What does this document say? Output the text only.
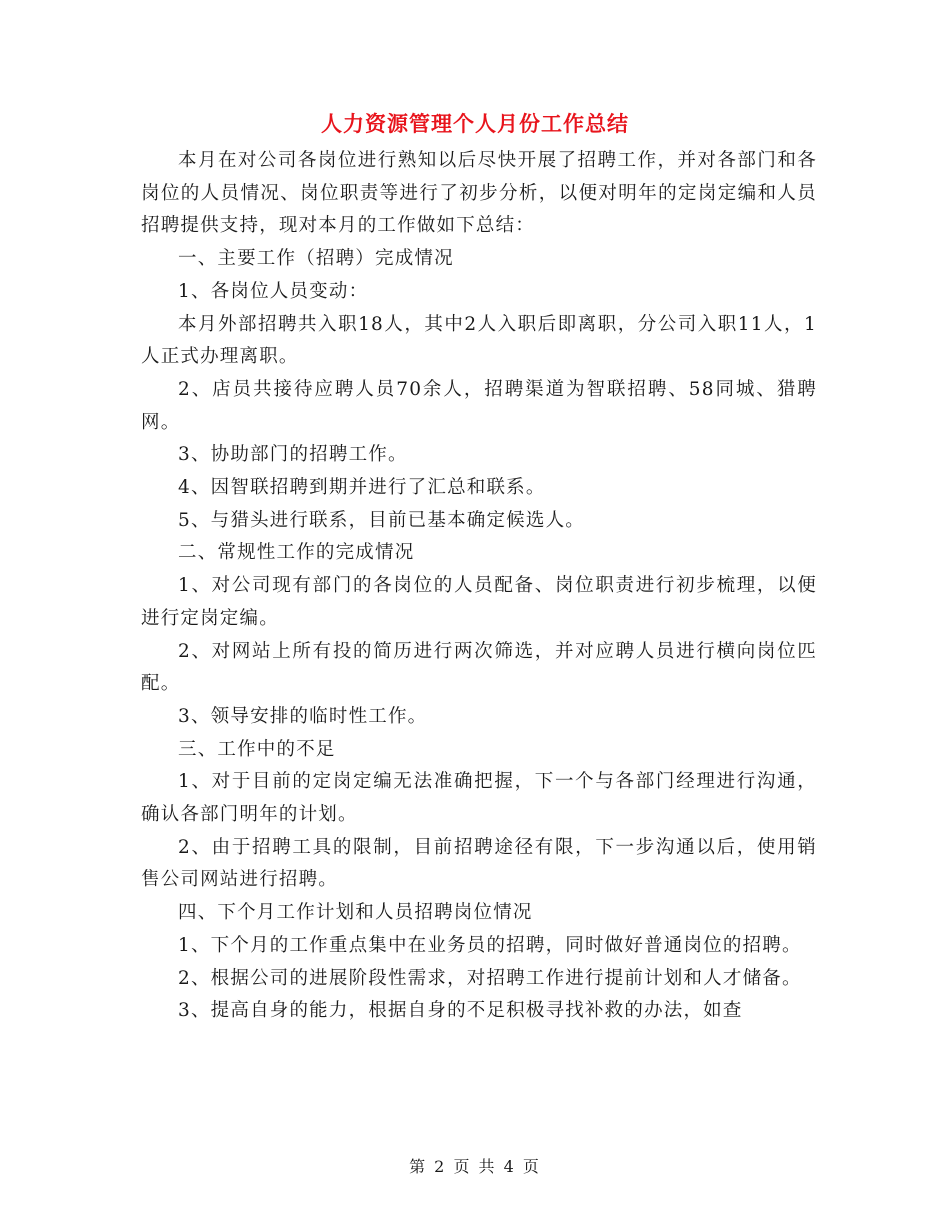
人力资源管理个人月份工作总结

本月在对公司各岗位进行熟知以后尽快开展了招聘工作，并对各部门和各岗位的人员情况、岗位职责等进行了初步分析，以便对明年的定岗定编和人员招聘提供支持，现对本月的工作做如下总结：

一、主要工作（招聘）完成情况

1、各岗位人员变动：

本月外部招聘共入职18人，其中2人入职后即离职，分公司入职11人，1人正式办理离职。

2、店员共接待应聘人员70余人，招聘渠道为智联招聘、58同城、猎聘网。

3、协助部门的招聘工作。

4、因智联招聘到期并进行了汇总和联系。

5、与猎头进行联系，目前已基本确定候选人。

二、常规性工作的完成情况

1、对公司现有部门的各岗位的人员配备、岗位职责进行初步梳理，以便进行定岗定编。

2、对网站上所有投的简历进行两次筛选，并对应聘人员进行横向岗位匹配。

3、领导安排的临时性工作。

三、工作中的不足

1、对于目前的定岗定编无法准确把握，下一个与各部门经理进行沟通，确认各部门明年的计划。

2、由于招聘工具的限制，目前招聘途径有限，下一步沟通以后，使用销售公司网站进行招聘。

四、下个月工作计划和人员招聘岗位情况

1、下个月的工作重点集中在业务员的招聘，同时做好普通岗位的招聘。

2、根据公司的进展阶段性需求，对招聘工作进行提前计划和人才储备。

3、提高自身的能力，根据自身的不足积极寻找补救的办法，如查

第 2 页 共 4 页
